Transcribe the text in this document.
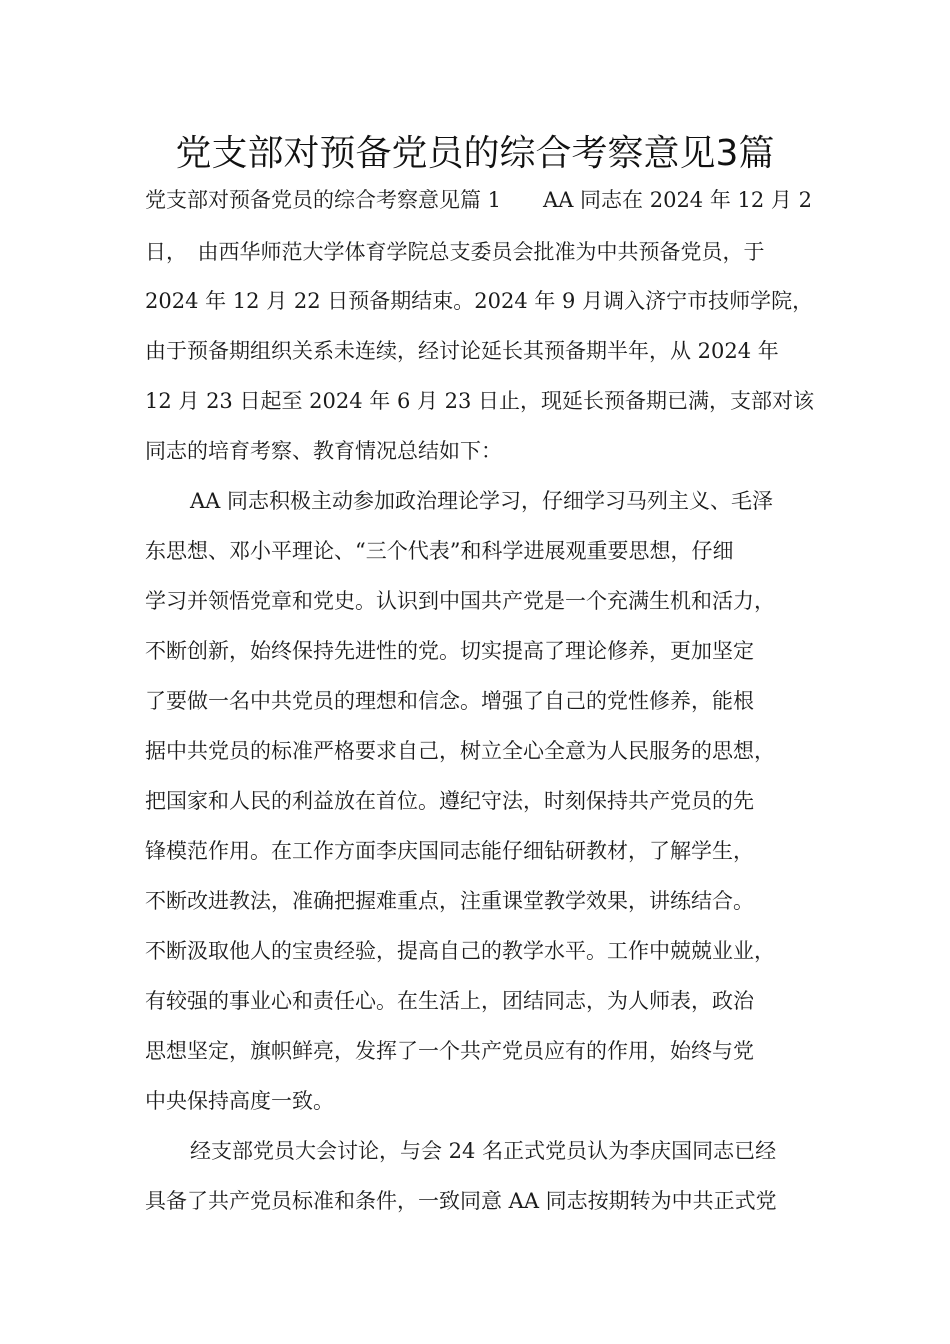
党支部对预备党员的综合考察意见3篇
党支部对预备党员的综合考察意见篇 1　　AA 同志在 2024 年 12 月 2
日，　由西华师范大学体育学院总支委员会批准为中共预备党员，于
2024 年 12 月 22 日预备期结束。2024 年 9 月调入济宁市技师学院，
由于预备期组织关系未连续，经讨论延长其预备期半年，从 2024 年
12 月 23 日起至 2024 年 6 月 23 日止，现延长预备期已满，支部对该
同志的培育考察、教育情况总结如下：
AA 同志积极主动参加政治理论学习，仔细学习马列主义、毛泽
东思想、邓小平理论、“三个代表”和科学进展观重要思想，仔细
学习并领悟党章和党史。认识到中国共产党是一个充满生机和活力，
不断创新，始终保持先进性的党。切实提高了理论修养，更加坚定
了要做一名中共党员的理想和信念。增强了自己的党性修养，能根
据中共党员的标准严格要求自己，树立全心全意为人民服务的思想，
把国家和人民的利益放在首位。遵纪守法，时刻保持共产党员的先
锋模范作用。在工作方面李庆国同志能仔细钻研教材，了解学生，
不断改进教法，准确把握难重点，注重课堂教学效果，讲练结合。
不断汲取他人的宝贵经验，提高自己的教学水平。工作中兢兢业业，
有较强的事业心和责任心。在生活上，团结同志，为人师表，政治
思想坚定，旗帜鲜亮，发挥了一个共产党员应有的作用，始终与党
中央保持高度一致。
经支部党员大会讨论，与会 24 名正式党员认为李庆国同志已经
具备了共产党员标准和条件，一致同意 AA 同志按期转为中共正式党
